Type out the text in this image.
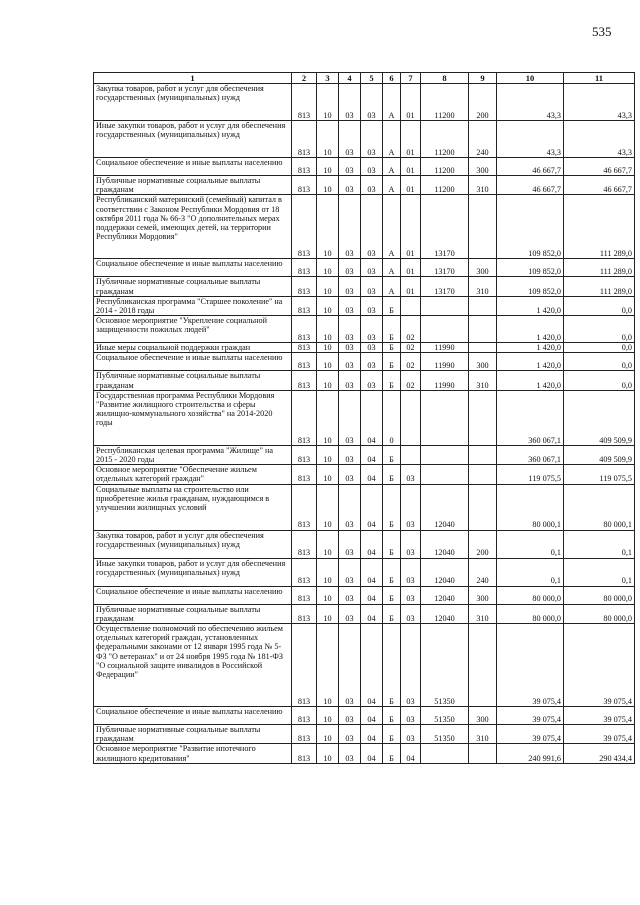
535
1	2	3	4	5	6	7	8	9	10	11
Закупка товаров, работ и услуг для обеспечения государственных (муниципальных) нужд	813	10	03	03	А	01	11200	200	43,3	43,3
Иные закупки товаров, работ и услуг для обеспечения государственных (муниципальных) нужд	813	10	03	03	А	01	11200	240	43,3	43,3
Социальное обеспечение и иные выплаты населению	813	10	03	03	А	01	11200	300	46 667,7	46 667,7
Публичные нормативные социальные выплаты гражданам	813	10	03	03	А	01	11200	310	46 667,7	46 667,7
Республиканский материнский (семейный) капитал в соответствии с Законом Республики Мордовия от 18 октября 2011 года № 66-З "О дополнительных мерах поддержки семей, имеющих детей, на территории Республики Мордовия"	813	10	03	03	А	01	13170		109 852,0	111 289,0
Социальное обеспечение и иные выплаты населению	813	10	03	03	А	01	13170	300	109 852,0	111 289,0
Публичные нормативные социальные выплаты гражданам	813	10	03	03	А	01	13170	310	109 852,0	111 289,0
Республиканская программа "Старшее поколение" на 2014 - 2018 годы	813	10	03	03	Б				1 420,0	0,0
Основное мероприятие "Укрепление социальной защищенности пожилых людей"	813	10	03	03	Б	02			1 420,0	0,0
Иные меры социальной поддержки граждан	813	10	03	03	Б	02	11990		1 420,0	0,0
Социальное обеспечение и иные выплаты населению	813	10	03	03	Б	02	11990	300	1 420,0	0,0
Публичные нормативные социальные выплаты гражданам	813	10	03	03	Б	02	11990	310	1 420,0	0,0
Государственная программа Республики Мордовия "Развитие жилищного строительства и сферы жилищно-коммунального хозяйства" на 2014-2020 годы	813	10	03	04	0				360 067,1	409 509,9
Республиканская целевая программа "Жилище" на 2015 - 2020 годы	813	10	03	04	Б				360 067,1	409 509,9
Основное мероприятие "Обеспечение жильем отдельных категорий граждан"	813	10	03	04	Б	03			119 075,5	119 075,5
Социальные выплаты на строительство или приобретение жилья гражданам, нуждающимся в улучшении жилищных условий	813	10	03	04	Б	03	12040		80 000,1	80 000,1
Закупка товаров, работ и услуг для обеспечения государственных (муниципальных) нужд	813	10	03	04	Б	03	12040	200	0,1	0,1
Иные закупки товаров, работ и услуг для обеспечения государственных (муниципальных) нужд	813	10	03	04	Б	03	12040	240	0,1	0,1
Социальное обеспечение и иные выплаты населению	813	10	03	04	Б	03	12040	300	80 000,0	80 000,0
Публичные нормативные социальные выплаты гражданам	813	10	03	04	Б	03	12040	310	80 000,0	80 000,0
Осуществление полномочий по обеспечению жильем отдельных категорий граждан, установленных федеральными законами от 12 января 1995 года № 5-ФЗ "О ветеранах" и от 24 ноября 1995 года № 181-ФЗ "О социальной защите инвалидов в Российской Федерации"	813	10	03	04	Б	03	51350		39 075,4	39 075,4
Социальное обеспечение и иные выплаты населению	813	10	03	04	Б	03	51350	300	39 075,4	39 075,4
Публичные нормативные социальные выплаты гражданам	813	10	03	04	Б	03	51350	310	39 075,4	39 075,4
Основное мероприятие "Развитие ипотечного жилищного кредитования"	813	10	03	04	Б	04			240 991,6	290 434,4
